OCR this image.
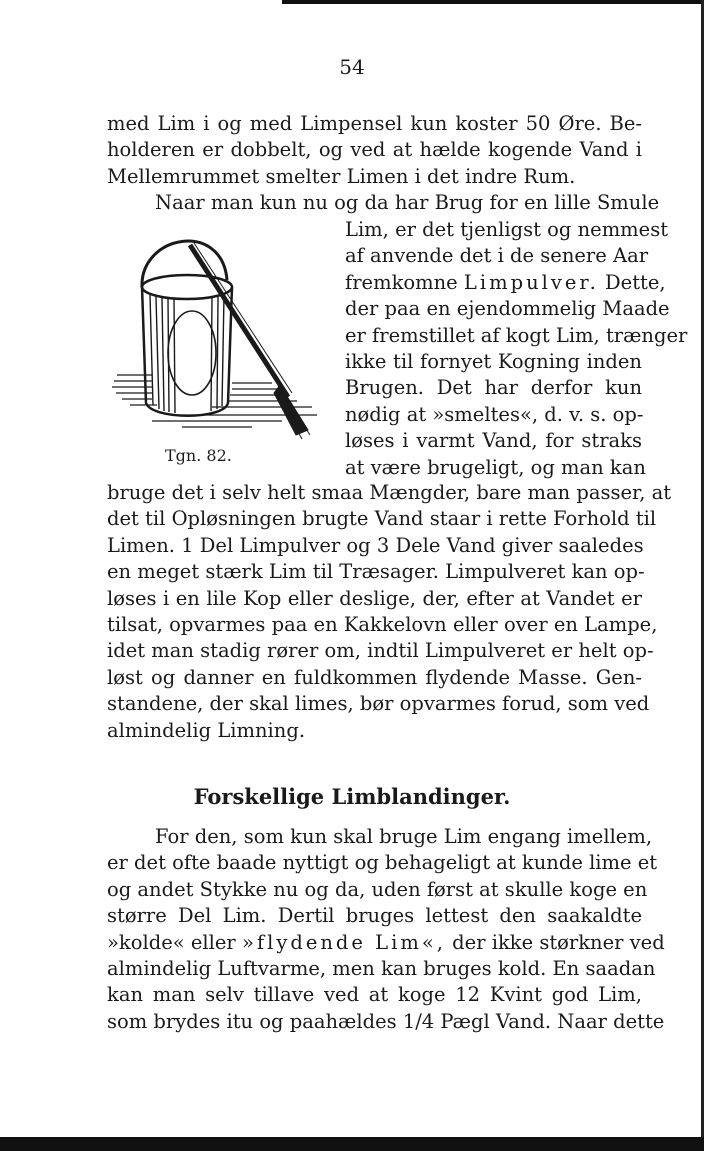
54
med Lim i og med Limpensel kun koster 50 Øre. Be-
holderen er dobbelt, og ved at hælde kogende Vand i
Mellemrummet smelter Limen i det indre Rum.
Naar man kun nu og da har Brug for en lille Smule
Lim, er det tjenligst og nemmest
af anvende det i de senere Aar
fremkomne Limpulver. Dette,
der paa en ejendommelig Maade
er fremstillet af kogt Lim, trænger
ikke til fornyet Kogning inden
Brugen. Det har derfor kun
nødig at »smeltes«, d. v. s. op-
løses i varmt Vand, for straks
at være brugeligt, og man kan
Tgn. 82.
bruge det i selv helt smaa Mængder, bare man passer, at
det til Opløsningen brugte Vand staar i rette Forhold til
Limen. 1 Del Limpulver og 3 Dele Vand giver saaledes
en meget stærk Lim til Træsager. Limpulveret kan op-
løses i en lile Kop eller deslige, der, efter at Vandet er
tilsat, opvarmes paa en Kakkelovn eller over en Lampe,
idet man stadig rører om, indtil Limpulveret er helt op-
løst og danner en fuldkommen flydende Masse. Gen-
standene, der skal limes, bør opvarmes forud, som ved
almindelig Limning.
Forskellige Limblandinger.
For den, som kun skal bruge Lim engang imellem,
er det ofte baade nyttigt og behageligt at kunde lime et
og andet Stykke nu og da, uden først at skulle koge en
større Del Lim. Dertil bruges lettest den saakaldte
»kolde« eller »flydende Lim«, der ikke størkner ved
almindelig Luftvarme, men kan bruges kold. En saadan
kan man selv tillave ved at koge 12 Kvint god Lim,
som brydes itu og paahældes 1/4 Pægl Vand. Naar dette
